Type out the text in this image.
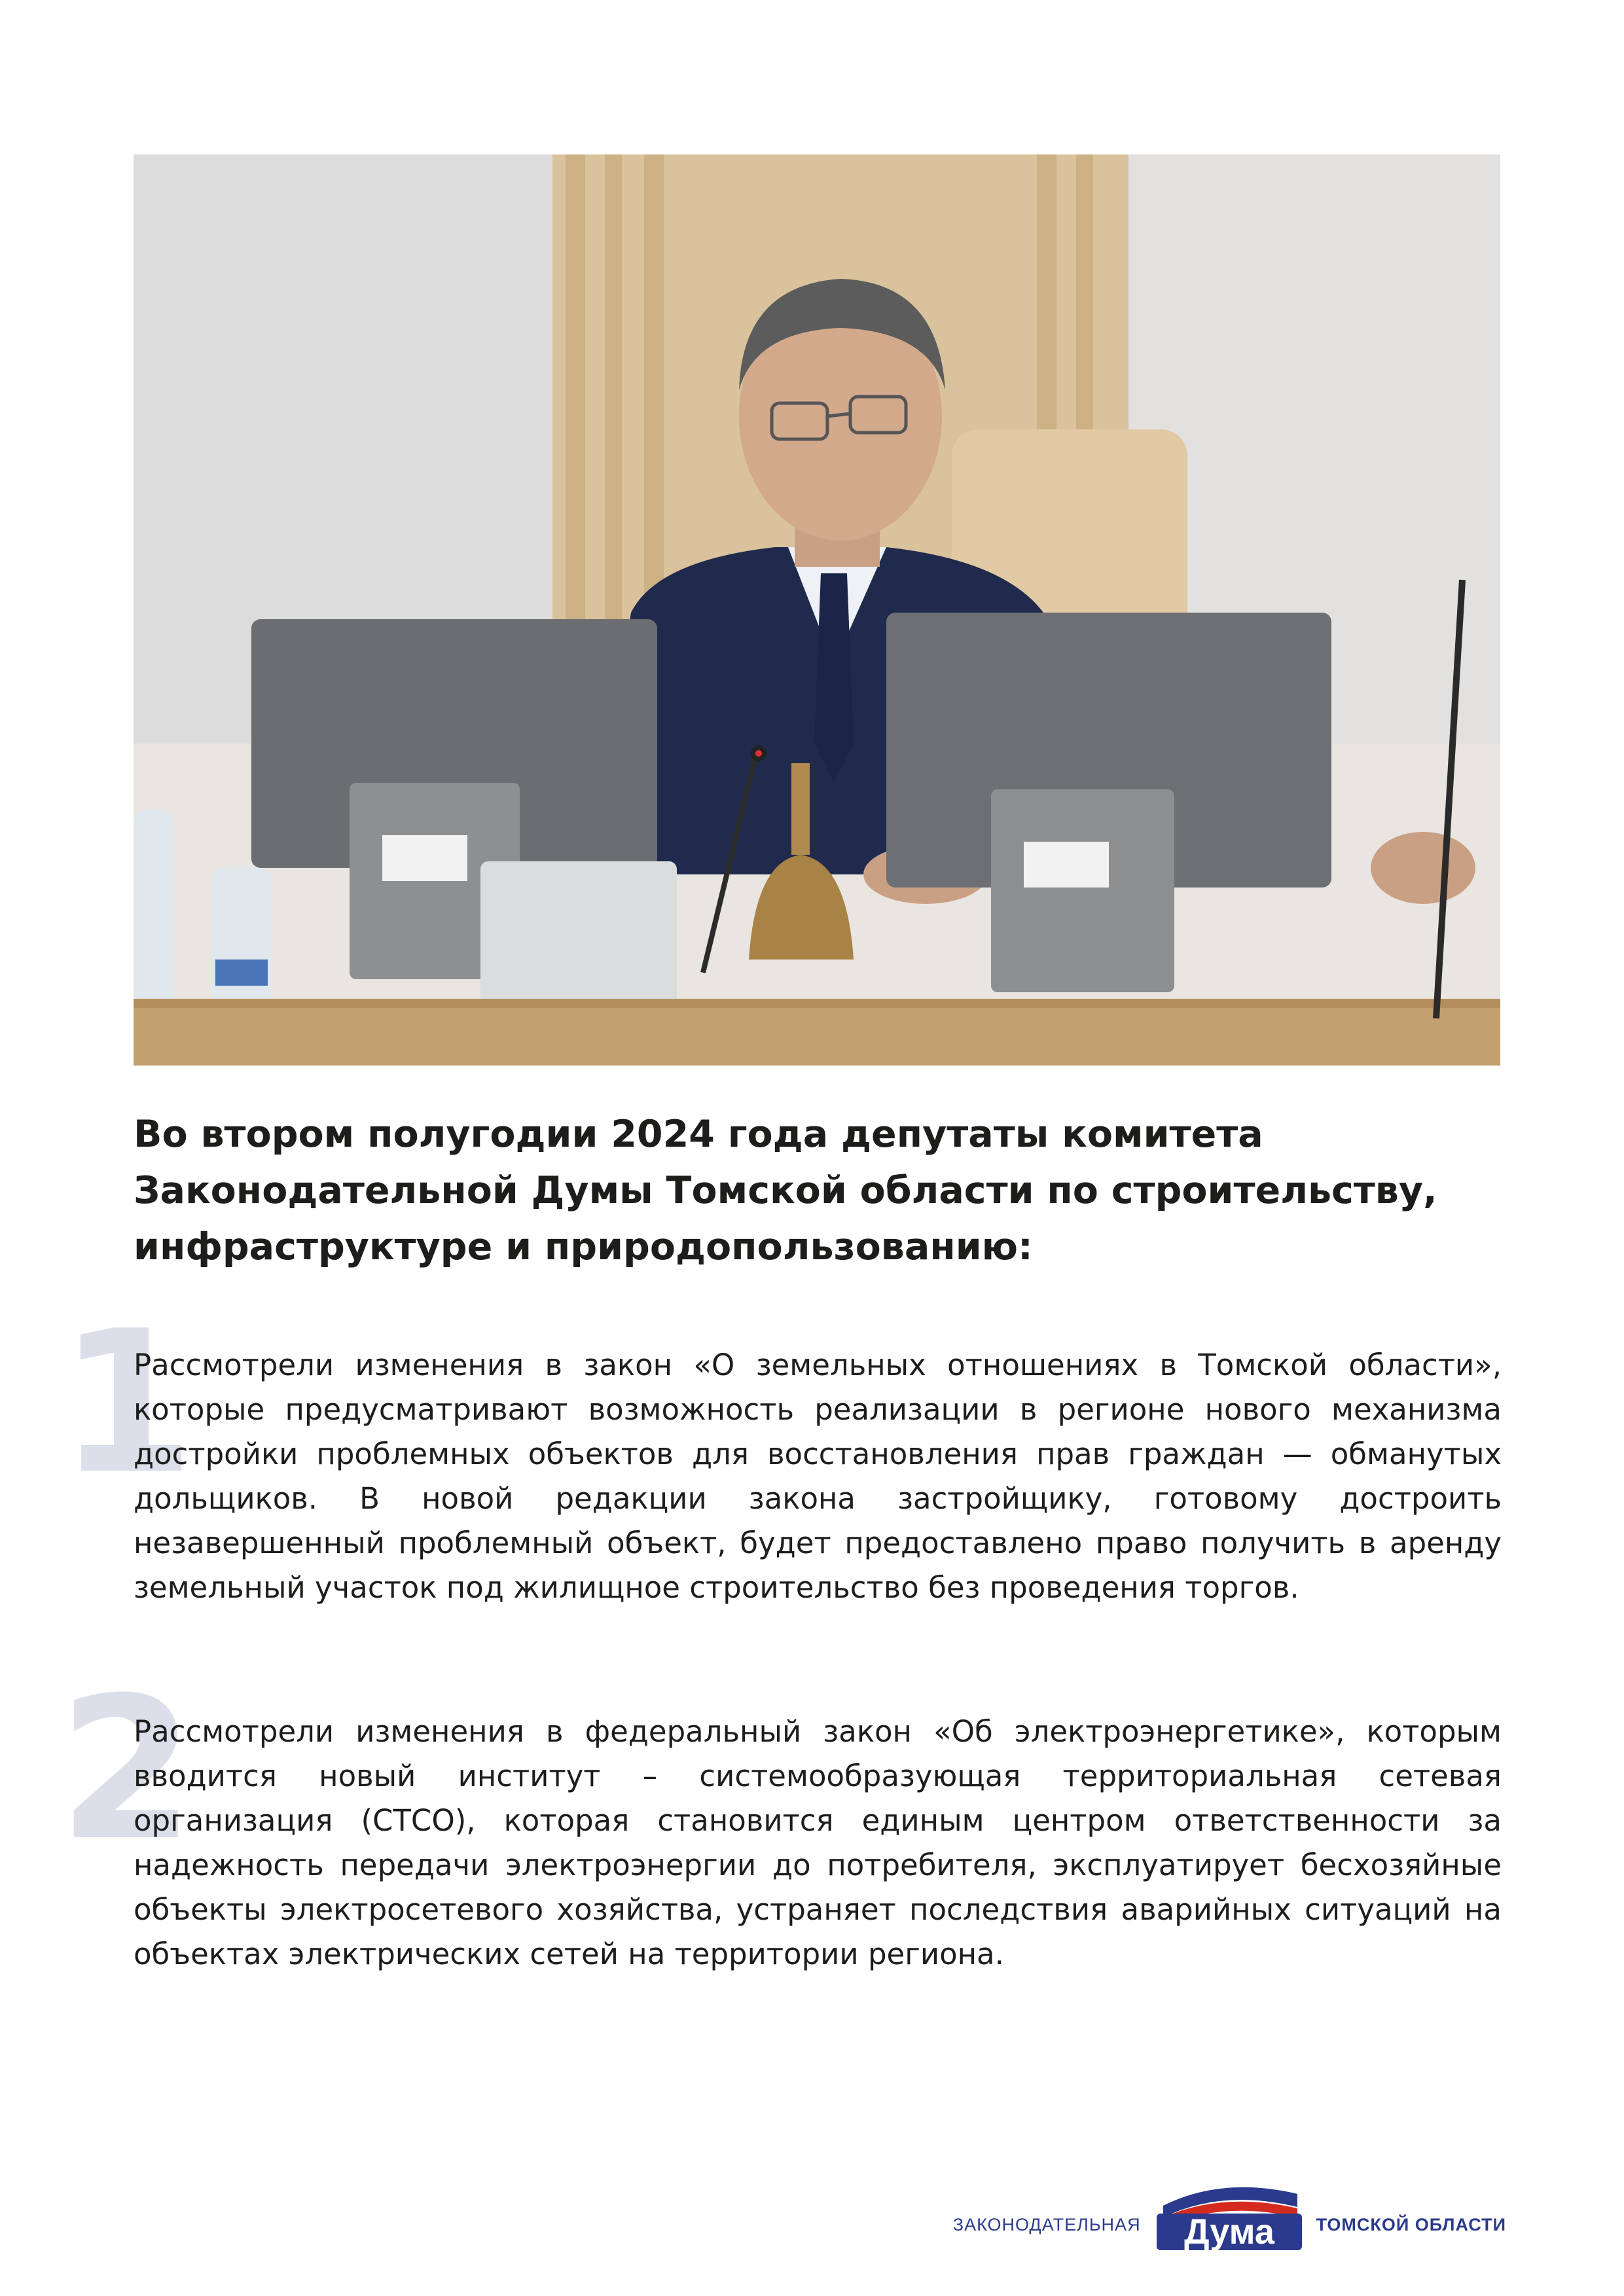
Во втором полугодии 2024 года депутаты комитета Законодательной Думы Томской области по строительству, инфраструктуре и природопользованию:
1

Рассмотрели изменения в закон «О земельных отношениях в Томской области», которые предусматривают возможность реализации в регионе нового механизма достройки проблемных объектов для восстановления прав граждан — обманутых дольщиков. В новой редакции закона застройщику, готовому достроить незавершенный проблемный объект, будет предоставлено право получить в аренду земельный участок под жилищное строительство без проведения торгов.

2

Рассмотрели изменения в федеральный закон «Об электроэнергетике», которым вводится новый институт – системообразующая территориальная сетевая организация (СТСО), которая становится единым центром ответственности за надежность передачи электроэнергии до потребителя, эксплуатирует бесхозяйные объекты электросетевого хозяйства, устраняет последствия аварийных ситуаций на объектах электрических сетей на территории региона.

ЗАКОНОДАТЕЛЬНАЯ Дума ТОМСКОЙ ОБЛАСТИ
